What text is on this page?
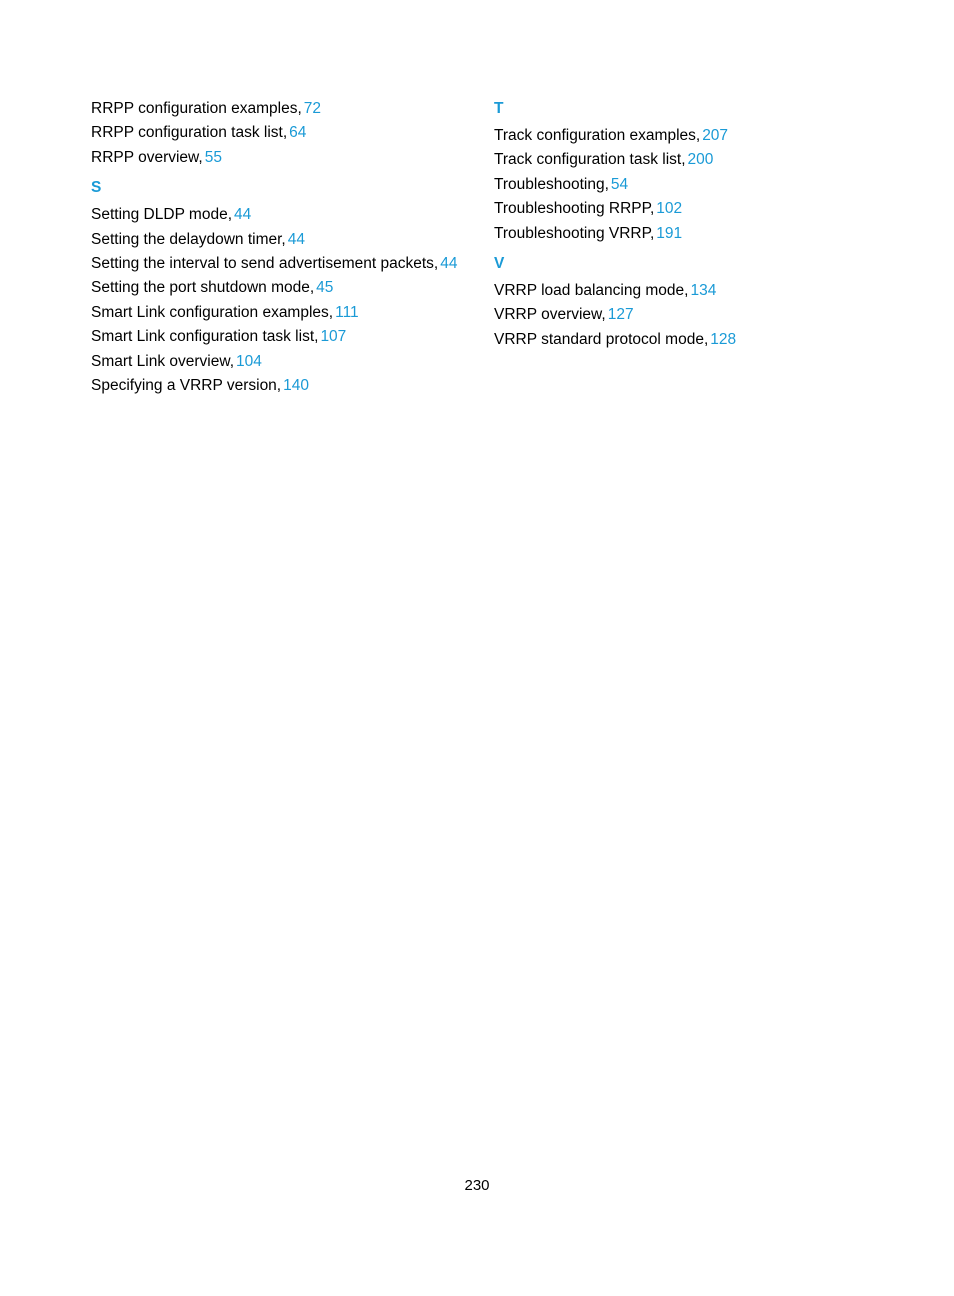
RRPP configuration examples, 72
RRPP configuration task list, 64
RRPP overview, 55
S
Setting DLDP mode, 44
Setting the delaydown timer, 44
Setting the interval to send advertisement packets, 44
Setting the port shutdown mode, 45
Smart Link configuration examples, 111
Smart Link configuration task list, 107
Smart Link overview, 104
Specifying a VRRP version, 140
T
Track configuration examples, 207
Track configuration task list, 200
Troubleshooting, 54
Troubleshooting RRPP, 102
Troubleshooting VRRP, 191
V
VRRP load balancing mode, 134
VRRP overview, 127
VRRP standard protocol mode, 128
230
